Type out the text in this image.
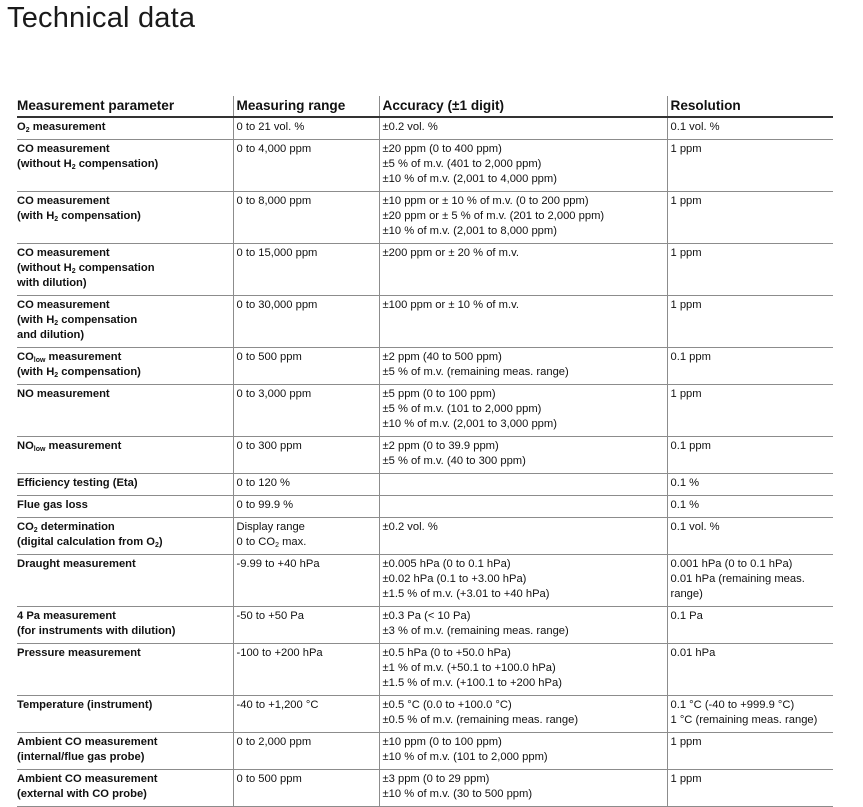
Technical data
Measurement parameter	Measuring range	Accuracy (±1 digit)	Resolution

$O_2$ measurement	0 to 21 vol. %	±0.2 vol. %	0.1 vol. %

CO measurement
(without $H_2$ compensation)	0 to 4,000 ppm	±20 ppm (0 to 400 ppm)
±5 % of m.v. (401 to 2,000 ppm)
±10 % of m.v. (2,001 to 4,000 ppm)	1 ppm

CO measurement
(with $H_2$ compensation)	0 to 8,000 ppm	±10 ppm or ± 10 % of m.v. (0 to 200 ppm)
±20 ppm or ± 5 % of m.v. (201 to 2,000 ppm)
±10 % of m.v. (2,001 to 8,000 ppm)	1 ppm

CO measurement
(without $H_2$ compensation
with dilution)	0 to 15,000 ppm	±200 ppm or ± 20 % of m.v.	1 ppm

CO measurement
(with $H_2$ compensation
and dilution)	0 to 30,000 ppm	±100 ppm or ± 10 % of m.v.	1 ppm

$CO_{low}$ measurement
(with $H_2$ compensation)	0 to 500 ppm	±2 ppm (40 to 500 ppm)
±5 % of m.v. (remaining meas. range)	0.1 ppm

NO measurement	0 to 3,000 ppm	±5 ppm (0 to 100 ppm)
±5 % of m.v. (101 to 2,000 ppm)
±10 % of m.v. (2,001 to 3,000 ppm)	1 ppm

$NO_{low}$ measurement	0 to 300 ppm	±2 ppm (0 to 39.9 ppm)
±5 % of m.v. (40 to 300 ppm)	0.1 ppm

Efficiency testing (Eta)	0 to 120 %		0.1 %

Flue gas loss	0 to 99.9 %		0.1 %

$CO_2$ determination
(digital calculation from $O_2$)	Display range
0 to $CO_2$ max.	±0.2 vol. %	0.1 vol. %

Draught measurement	-9.99 to +40 hPa	±0.005 hPa (0 to 0.1 hPa)
±0.02 hPa (0.1 to +3.00 hPa)
±1.5 % of m.v. (+3.01 to +40 hPa)	0.001 hPa (0 to 0.1 hPa)
0.01 hPa (remaining meas.
range)

4 Pa measurement
(for instruments with dilution)	-50 to +50 Pa	±0.3 Pa (< 10 Pa)
±3 % of m.v. (remaining meas. range)	0.1 Pa

Pressure measurement	-100 to +200 hPa	±0.5 hPa (0 to +50.0 hPa)
±1 % of m.v. (+50.1 to +100.0 hPa)
±1.5 % of m.v. (+100.1 to +200 hPa)	0.01 hPa

Temperature (instrument)	-40 to +1,200 °C	±0.5 °C (0.0 to +100.0 °C)
±0.5 % of m.v. (remaining meas. range)	0.1 °C (-40 to +999.9 °C)
1 °C (remaining meas. range)

Ambient CO measurement
(internal/flue gas probe)	0 to 2,000 ppm	±10 ppm (0 to 100 ppm)
±10 % of m.v. (101 to 2,000 ppm)	1 ppm

Ambient CO measurement
(external with CO probe)	0 to 500 ppm	±3 ppm (0 to 29 ppm)
±10 % of m.v. (30 to 500 ppm)	1 ppm
